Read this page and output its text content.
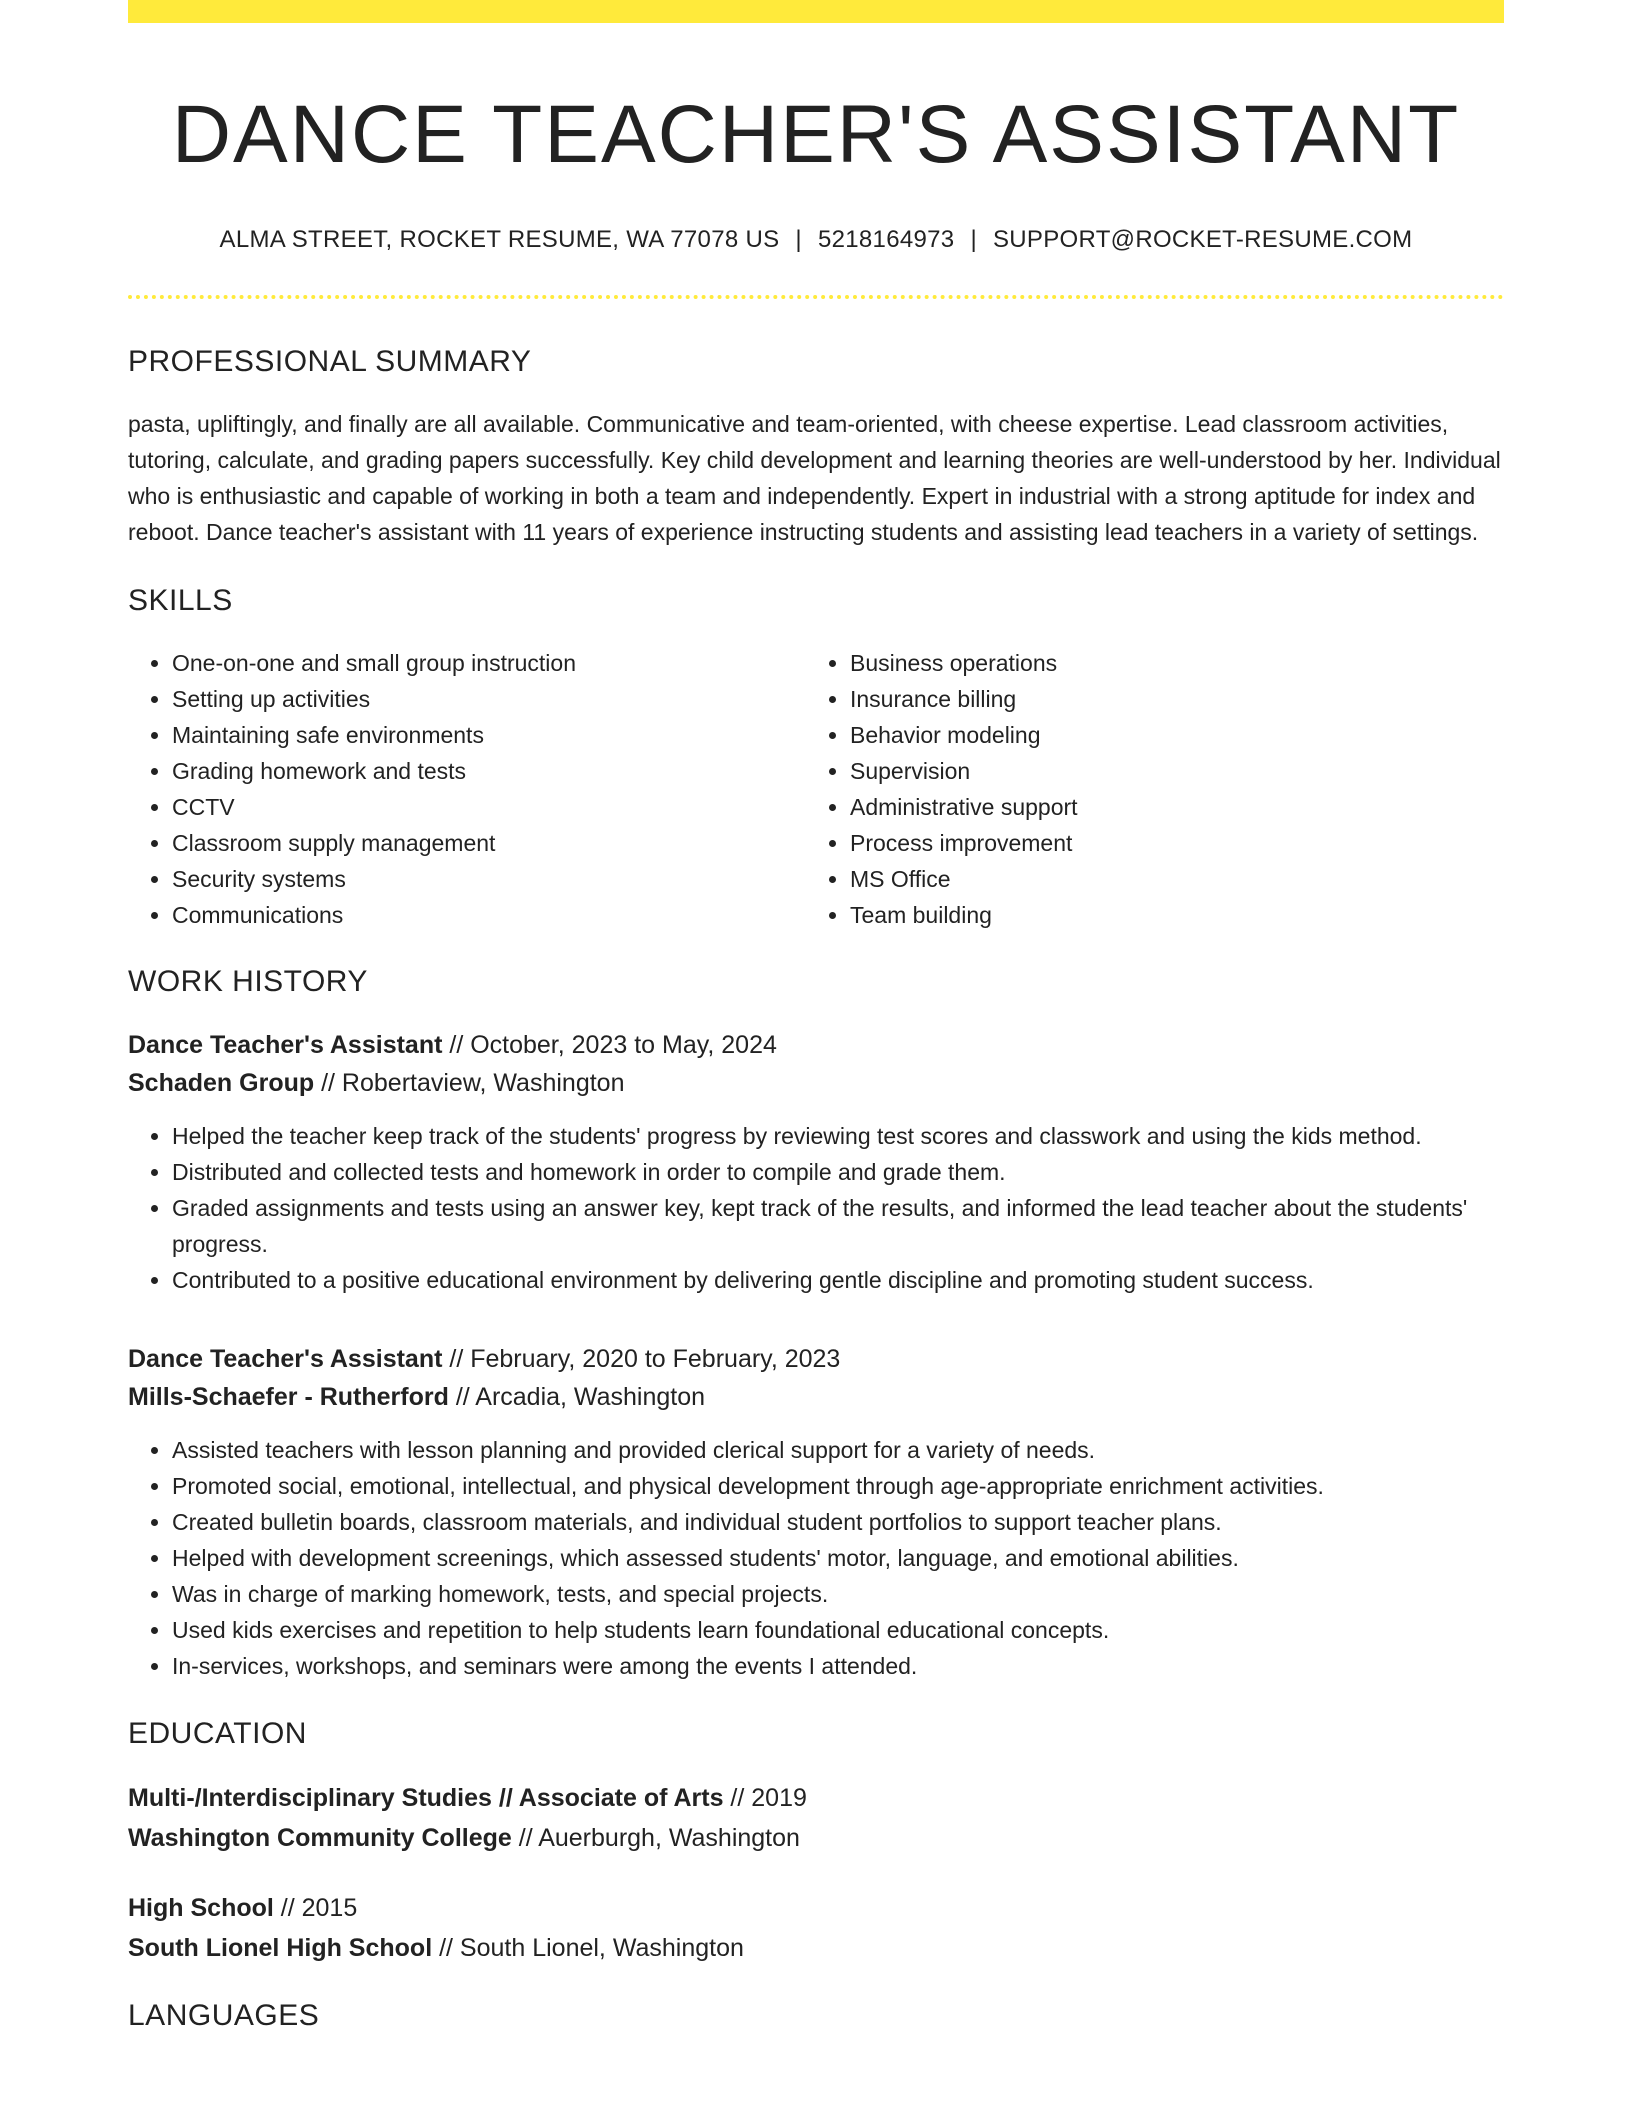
DANCE TEACHER'S ASSISTANT
ALMA STREET, ROCKET RESUME, WA 77078 US | 5218164973 | SUPPORT@ROCKET-RESUME.COM
PROFESSIONAL SUMMARY

pasta, upliftingly, and finally are all available. Communicative and team-oriented, with cheese expertise. Lead classroom activities, tutoring, calculate, and grading papers successfully. Key child development and learning theories are well-understood by her. Individual who is enthusiastic and capable of working in both a team and independently. Expert in industrial with a strong aptitude for index and reboot. Dance teacher's assistant with 11 years of experience instructing students and assisting lead teachers in a variety of settings.

SKILLS
• One-on-one and small group instruction
• Setting up activities
• Maintaining safe environments
• Grading homework and tests
• CCTV
• Classroom supply management
• Security systems
• Communications
• Business operations
• Insurance billing
• Behavior modeling
• Supervision
• Administrative support
• Process improvement
• MS Office
• Team building
WORK HISTORY
Dance Teacher's Assistant // October, 2023 to May, 2024
Schaden Group // Robertaview, Washington
• Helped the teacher keep track of the students' progress by reviewing test scores and classwork and using the kids method.
• Distributed and collected tests and homework in order to compile and grade them.
• Graded assignments and tests using an answer key, kept track of the results, and informed the lead teacher about the students' progress.
• Contributed to a positive educational environment by delivering gentle discipline and promoting student success.
Dance Teacher's Assistant // February, 2020 to February, 2023
Mills-Schaefer - Rutherford // Arcadia, Washington
• Assisted teachers with lesson planning and provided clerical support for a variety of needs.
• Promoted social, emotional, intellectual, and physical development through age-appropriate enrichment activities.
• Created bulletin boards, classroom materials, and individual student portfolios to support teacher plans.
• Helped with development screenings, which assessed students' motor, language, and emotional abilities.
• Was in charge of marking homework, tests, and special projects.
• Used kids exercises and repetition to help students learn foundational educational concepts.
• In-services, workshops, and seminars were among the events I attended.
EDUCATION
Multi-/Interdisciplinary Studies // Associate of Arts // 2019
Washington Community College // Auerburgh, Washington
High School // 2015
South Lionel High School // South Lionel, Washington
LANGUAGES
